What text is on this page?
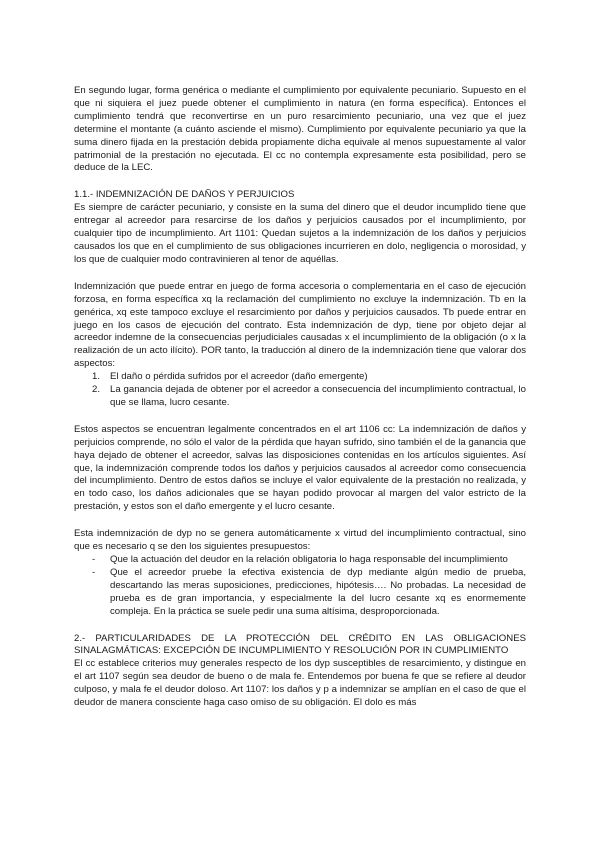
En segundo lugar, forma genérica o mediante el cumplimiento por equivalente pecuniario. Supuesto en el que ni siquiera el juez puede obtener el cumplimiento in natura (en forma específica). Entonces el cumplimiento tendrá que reconvertirse en un puro resarcimiento pecuniario, una vez que el juez determine el montante (a cuánto asciende el mismo). Cumplimiento por equivalente pecuniario ya que la suma dinero fijada en la prestación debida propiamente dicha equivale al menos supuestamente al valor patrimonial de la prestación no ejecutada. El cc no contempla expresamente esta posibilidad, pero se deduce de la LEC.

1.1.- INDEMNIZACIÓN DE DAÑOS Y PERJUICIOS

Es siempre de carácter pecuniario, y consiste en la suma del dinero que el deudor incumplido tiene que entregar al acreedor para resarcirse de los daños y perjuicios causados por el incumplimiento, por cualquier tipo de incumplimiento. Art 1101: Quedan sujetos a la indemnización de los daños y perjuicios causados los que en el cumplimiento de sus obligaciones incurrieren en dolo, negligencia o morosidad, y los que de cualquier modo contravinieren al tenor de aquéllas.

Indemnización que puede entrar en juego de forma accesoria o complementaria en el caso de ejecución forzosa, en forma específica xq la reclamación del cumplimiento no excluye la indemnización. Tb en la genérica, xq este tampoco excluye el resarcimiento por daños y perjuicios causados. Tb puede entrar en juego en los casos de ejecución del contrato. Esta indemnización de dyp, tiene por objeto dejar al acreedor indemne de la consecuencias perjudiciales causadas x el incumplimiento de la obligación (o x la realización de un acto ilícito). POR tanto, la traducción al dinero de la indemnización tiene que valorar dos aspectos:

1. El daño o pérdida sufridos por el acreedor (daño emergente)
2. La ganancia dejada de obtener por el acreedor a consecuencia del incumplimiento contractual, lo que se llama, lucro cesante.

Estos aspectos se encuentran legalmente concentrados en el art 1106 cc: La indemnización de daños y perjuicios comprende, no sólo el valor de la pérdida que hayan sufrido, sino también el de la ganancia que haya dejado de obtener el acreedor, salvas las disposiciones contenidas en los artículos siguientes. Así que, la indemnización comprende todos los daños y perjuicios causados al acreedor como consecuencia del incumplimiento. Dentro de estos daños se incluye el valor equivalente de la prestación no realizada, y en todo caso, los daños adicionales que se hayan podido provocar al margen del valor estricto de la prestación, y estos son el daño emergente y el lucro cesante.

Esta indemnización de dyp no se genera automáticamente x virtud del incumplimiento contractual, sino que es necesario q se den los siguientes presupuestos:

- Que la actuación del deudor en la relación obligatoria lo haga responsable del incumplimiento
- Que el acreedor pruebe la efectiva existencia de dyp mediante algún medio de prueba, descartando las meras suposiciones, predicciones, hipótesis…. No probadas. La necesidad de prueba es de gran importancia, y especialmente la del lucro cesante xq es enormemente compleja. En la práctica se suele pedir una suma altísima, desproporcionada.

2.- PARTICULARIDADES DE LA PROTECCIÓN DEL CRÉDITO EN LAS OBLIGACIONES SINALAGMÁTICAS: EXCEPCIÓN DE INCUMPLIMIENTO Y RESOLUCIÓN POR IN CUMPLIMIENTO

El cc establece criterios muy generales respecto de los dyp susceptibles de resarcimiento, y distingue en el art 1107 según sea deudor de bueno o de mala fe. Entendemos por buena fe que se refiere al deudor culposo, y mala fe el deudor doloso. Art 1107: los daños y p a indemnizar se amplían en el caso de que el deudor de manera consciente haga caso omiso de su obligación. El dolo es más
